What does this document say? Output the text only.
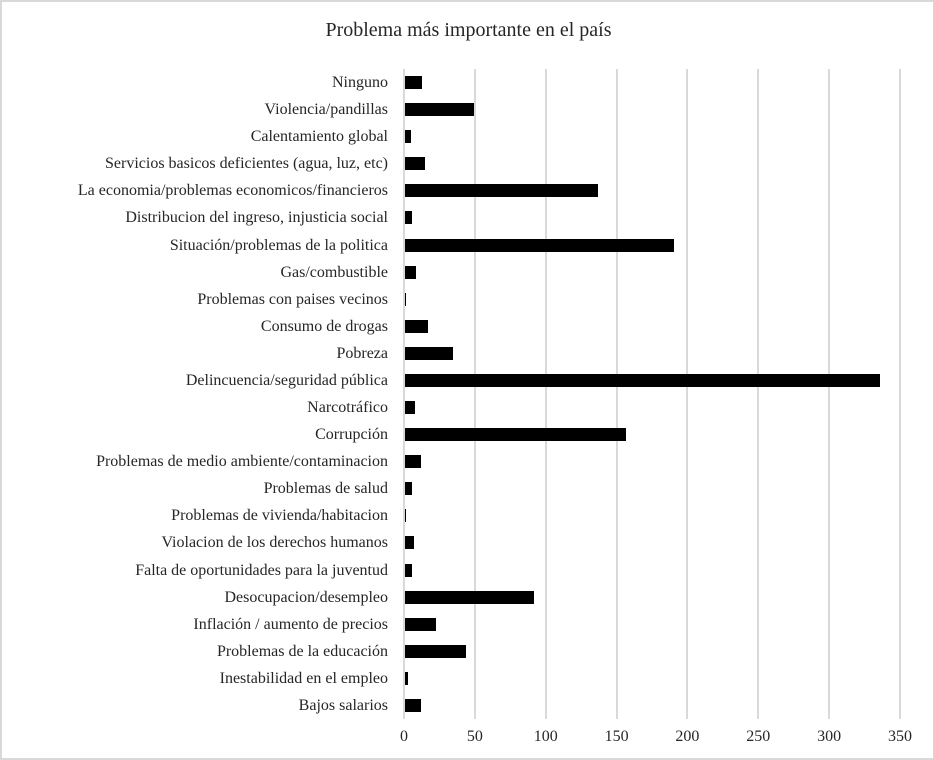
Problema más importante en el país
Ninguno
Violencia/pandillas
Calentamiento global
Servicios basicos deficientes (agua, luz, etc)
La economia/problemas economicos/financieros
Distribucion del ingreso, injusticia social
Situación/problemas de la politica
Gas/combustible
Problemas con paises vecinos
Consumo de drogas
Pobreza
Delincuencia/seguridad pública
Narcotráfico
Corrupción
Problemas de medio ambiente/contaminacion
Problemas de salud
Problemas de vivienda/habitacion
Violacion de los derechos humanos
Falta de oportunidades para la juventud
Desocupacion/desempleo
Inflación / aumento de precios
Problemas de la educación
Inestabilidad en el empleo
Bajos salarios
0	50	100	150	200	250	300	350
